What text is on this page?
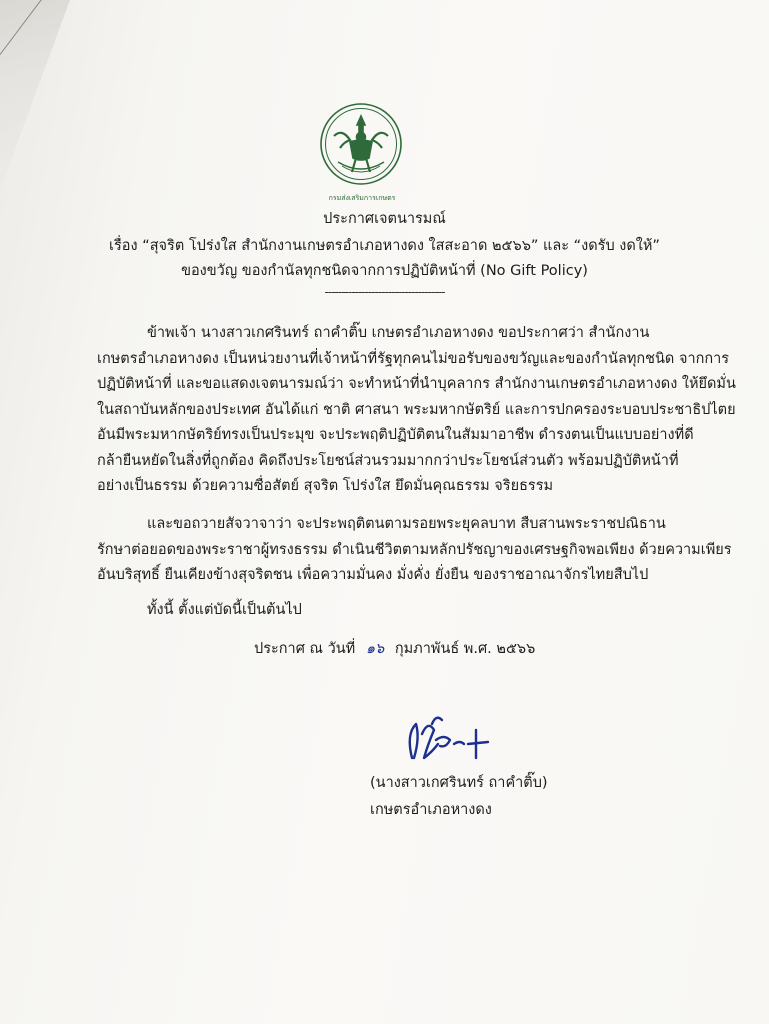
กรมส่งเสริมการเกษตร
ประกาศเจตนารมณ์
เรื่อง “สุจริต โปร่งใส สำนักงานเกษตรอำเภอหางดง ใสสะอาด ๒๕๖๖” และ “งดรับ งดให้”
ของขวัญ ของกำนัลทุกชนิดจากการปฏิบัติหน้าที่ (No Gift Policy)
------------------------------------
ข้าพเจ้า นางสาวเกศรินทร์ ถาคำติ๊บ เกษตรอำเภอหางดง ขอประกาศว่า สำนักงาน
เกษตรอำเภอหางดง เป็นหน่วยงานที่เจ้าหน้าที่รัฐทุกคนไม่ขอรับของขวัญและของกำนัลทุกชนิด จากการ
ปฏิบัติหน้าที่ และขอแสดงเจตนารมณ์ว่า จะทำหน้าที่นำบุคลากร สำนักงานเกษตรอำเภอหางดง ให้ยึดมั่น
ในสถาบันหลักของประเทศ อันได้แก่ ชาติ ศาสนา พระมหากษัตริย์ และการปกครองระบอบประชาธิปไตย
อันมีพระมหากษัตริย์ทรงเป็นประมุข จะประพฤติปฏิบัติตนในสัมมาอาชีพ ดำรงตนเป็นแบบอย่างที่ดี
กล้ายืนหยัดในสิ่งที่ถูกต้อง คิดถึงประโยชน์ส่วนรวมมากกว่าประโยชน์ส่วนตัว พร้อมปฏิบัติหน้าที่
อย่างเป็นธรรม ด้วยความซื่อสัตย์ สุจริต โปร่งใส ยึดมั่นคุณธรรม จริยธรรม
และขอถวายสัจวาจาว่า จะประพฤติตนตามรอยพระยุคลบาท สืบสานพระราชปณิธาน
รักษาต่อยอดของพระราชาผู้ทรงธรรม ดำเนินชีวิตตามหลักปรัชญาของเศรษฐกิจพอเพียง ด้วยความเพียร
อันบริสุทธิ์ ยืนเคียงข้างสุจริตชน เพื่อความมั่นคง มั่งคั่ง ยั่งยืน ของราชอาณาจักรไทยสืบไป
ทั้งนี้ ตั้งแต่บัดนี้เป็นต้นไป
ประกาศ ณ วันที่ ๑๖ กุมภาพันธ์ พ.ศ. ๒๕๖๖
(นางสาวเกศรินทร์ ถาคำติ๊บ)
เกษตรอำเภอหางดง
